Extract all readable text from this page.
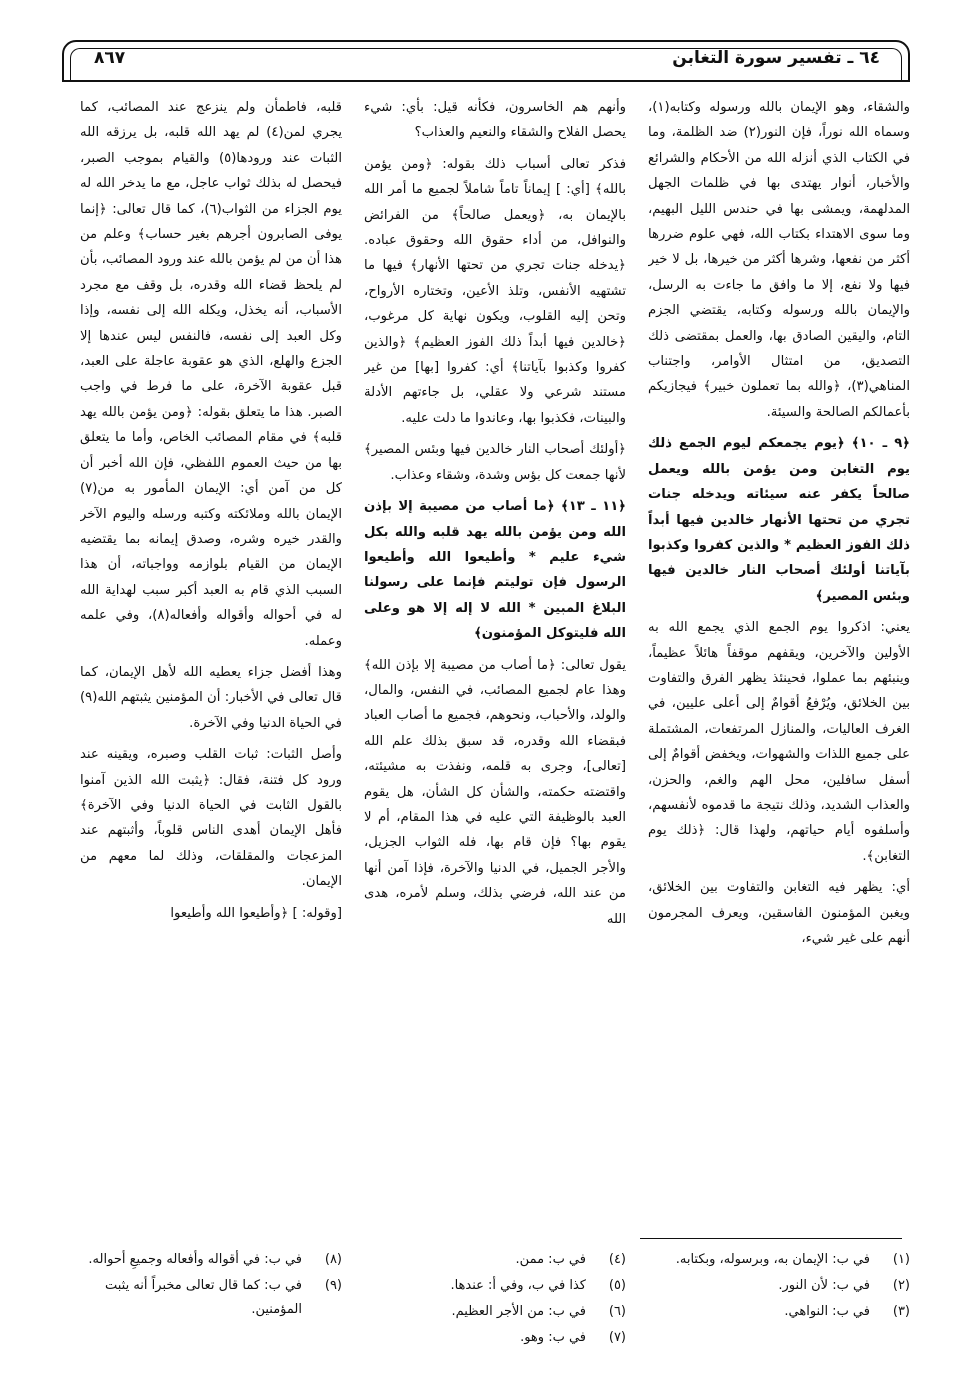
٦٤ ـ تفسير سورة التغابن
٨٦٧

والشقاء، وهو الإيمان بالله ورسوله وكتابه(١)، وسماه الله نوراً، فإن النور(٢) ضد الظلمة، وما في الكتاب الذي أنزله الله من الأحكام والشرائع والأخبار، أنوار يهتدى بها في ظلمات الجهل المدلهمة، ويمشى بها في حندس الليل البهيم، وما سوى الاهتداء بكتاب الله، فهي علوم ضررها أكثر من نفعها، وشرها أكثر من خيرها، بل لا خير فيها ولا نفع، إلا ما وافق ما جاءت به الرسل، والإيمان بالله ورسوله وكتابه، يقتضي الجزم التام، واليقين الصادق بها، والعمل بمقتضى ذلك التصديق، من امتثال الأوامر، واجتناب المناهي(٣)، ﴿والله بما تعملون خبير﴾ فيجازيكم بأعمالكم الصالحة والسيئة.

﴿٩ ـ ١٠﴾ ﴿يوم يجمعكم ليوم الجمع ذلك يوم التغابن ومن يؤمن بالله ويعمل صالحاً يكفر عنه سيئاته ويدخله جنات تجري من تحتها الأنهار خالدين فيها أبداً ذلك الفوز العظيم * والذين كفروا وكذبوا بآياتنا أولئك أصحاب النار خالدين فيها وبئس المصير﴾

يعني: اذكروا يوم الجمع الذي يجمع الله به الأولين والآخرين، ويقفهم موقفاً هائلاً عظيماً، وينبئهم بما عملوا، فحينئذ يظهر الفرق والتفاوت بين الخلائق، ويُرْفعُ أقوامٌ إلى أعلى عليين، في الغرف العاليات، والمنازل المرتفعات، المشتملة على جميع اللذات والشهوات، ويخفض أقوامٌ إلى أسفل سافلين، محل الهم والغم، والحزن، والعذاب الشديد، وذلك نتيجة ما قدموه لأنفسهم، وأسلفوه أيام حياتهم، ولهذا قال: ﴿ذلك يوم التغابن﴾.

أي: يظهر فيه التغابن والتفاوت بين الخلائق، ويغبن المؤمنون الفاسقين، ويعرف المجرمون أنهم على غير شيء،

وأنهم هم الخاسرون، فكأنه قيل: بأي: شيء يحصل الفلاح والشقاء والنعيم والعذاب؟

فذكر تعالى أسباب ذلك بقوله: ﴿ومن يؤمن بالله﴾ [أي: ] إيماناً تاماً شاملاً لجميع ما أمر الله بالإيمان به، ﴿ويعمل صالحاً﴾ من الفرائض والنوافل، من أداء حقوق الله وحقوق عباده. ﴿يدخله جنات تجري من تحتها الأنهار﴾ فيها ما تشتهيه الأنفس، وتلذ الأعين، وتختاره الأرواح، وتحن إليه القلوب، ويكون نهاية كل مرغوب، ﴿خالدين فيها أبداً ذلك الفوز العظيم﴾ ﴿والذين كفروا وكذبوا بآياتنا﴾ أي: كفروا [بها] من غير مستند شرعي ولا عقلي، بل جاءتهم الأدلة والبينات، فكذبوا بها، وعاندوا ما دلت عليه.

﴿أولئك أصحاب النار خالدين فيها وبئس المصير﴾ لأنها جمعت كل بؤس وشدة، وشقاء وعذاب.

﴿١١ ـ ١٣﴾ ﴿ما أصاب من مصيبة إلا بإذن الله ومن يؤمن بالله يهد قلبه والله بكل شيء عليم * وأطيعوا الله وأطيعوا الرسول فإن توليتم فإنما على رسولنا البلاغ المبين * الله لا إله إلا هو وعلى الله فليتوكل المؤمنون﴾

يقول تعالى: ﴿ما أصاب من مصيبة إلا بإذن الله﴾ وهذا عام لجميع المصائب، في النفس، والمال، والولد، والأحباب، ونحوهم، فجميع ما أصاب العباد فبقضاء الله وقدره، قد سبق بذلك علم الله [تعالى]، وجرى به قلمه، ونفذت به مشيئته، واقتضته حكمته، والشأن كل الشأن، هل يقوم العبد بالوظيفة التي عليه في هذا المقام، أم لا يقوم بها؟ فإن قام بها، فله الثواب الجزيل، والأجر الجميل، في الدنيا والآخرة، فإذا آمن أنها من عند الله، فرضي بذلك، وسلم لأمره، هدى الله

قلبه، فاطمأن ولم ينزعج عند المصائب، كما يجري لمن(٤) لم يهد الله قلبه، بل يرزقه الله الثبات عند ورودها(٥) والقيام بموجب الصبر، فيحصل له بذلك ثواب عاجل، مع ما يدخر الله له يوم الجزاء من الثواب(٦)، كما قال تعالى: ﴿إنما يوفى الصابرون أجرهم بغير حساب﴾ وعلم من هذا أن من لم يؤمن بالله عند ورود المصائب، بأن لم يلحظ قضاء الله وقدره، بل وقف مع مجرد الأسباب، أنه يخذل، ويكله الله إلى نفسه، وإذا وكل العبد إلى نفسه، فالنفس ليس عندها إلا الجزع والهلع، الذي هو عقوبة عاجلة على العبد، قبل عقوبة الآخرة، على ما فرط في واجب الصبر. هذا ما يتعلق بقوله: ﴿ومن يؤمن بالله يهد قلبه﴾ في مقام المصائب الخاص، وأما ما يتعلق بها من حيث العموم اللفظي، فإن الله أخبر أن كل من آمن أي: الإيمان المأمور به من(٧) الإيمان بالله وملائكته وكتبه ورسله واليوم الآخر والقدر خيره وشره، وصدق إيمانه بما يقتضيه الإيمان من القيام بلوازمه وواجباته، أن هذا السبب الذي قام به العبد أكبر سبب لهداية الله له في أحواله وأقواله وأفعاله(٨)، وفي علمه وعمله.

وهذا أفضل جزاء يعطيه الله لأهل الإيمان، كما قال تعالى في الأخبار: أن المؤمنين يثبتهم الله(٩) في الحياة الدنيا وفي الآخرة.

وأصل الثبات: ثبات القلب وصبره، ويقينه عند ورود كل فتنة، فقال: ﴿يثبت الله الذين آمنوا بالقول الثابت في الحياة الدنيا وفي الآخرة﴾ فأهل الإيمان أهدى الناس قلوباً، وأثبتهم عند المزعجات والمقلقات، وذلك لما معهم من الإيمان.

[وقوله: ] ﴿وأطيعوا الله وأطيعوا

(١)
في ب: الإيمان به، وبرسوله، وبكتابه.
(٢)
في ب: لأن النور.
(٣)
في ب: النواهي.
(٤)
في ب: ممن.
(٥)
كذا في ب، وفي أ: عندها.
(٦)
في ب: من الأجر العظيم.
(٧)
في ب: وهو.
(٨)
في ب: في أقواله وأفعاله وجميعِ أحواله.
(٩)
في ب: كما قال تعالى مخبراً أنه يثبت المؤمنين.
